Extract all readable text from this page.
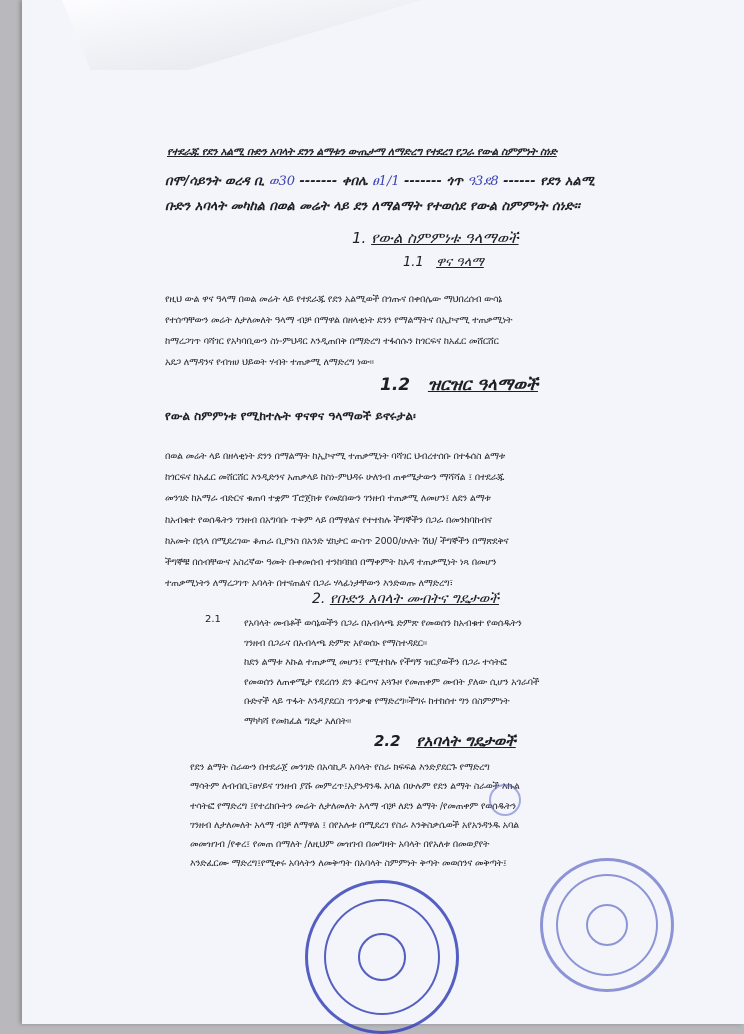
የተደራጁ የደን አልሚ ቡድን አባላት ደንን ልማቱን ውጤታማ ለማድረግ የተደረገ የጋራ የውል ስምምነት ስነድ
በሞ/ሳይንት ወረዳ ቢ ወ30 ------- ቀበሌ ፀ1/1 ------- ጎጥ ዓ3ደ8 ------ የደን አልሚ
ቡድን አባላት መካከል በወል መሬት ላይ ደን ለማልማት የተወሰደ የውል ስምምነት ሰነድ፡፡
1. የውል ስምምነቱ ዓላማወች
1.1 ዋና ዓላማ
የዚህ ውል ዋና ዓላማ በወል መሬት ላይ የተደራጁ የደን አልሚወች በጎጡና በቀበሌው ማህበረሰብ ውሳኔ
የተሰጣቸውን መሬት ለታለመለት ዓላማ ብቻ በማዋል በዘላቂነት ደንን የማልማትና በኢኮኖሚ ተጠቃሚነት
ከማረጋገጥ ባሻገር የአካባቢውን ስነ-ምህዳር እንዲጠበቅ በማድረግ ተፋሰሱን ከጎርፍና ከአፈር መሸርሸር
አደጋ ለማዳንና የብዝሀ ህይወት ሃብት ተጠቃሚ ለማድረግ ነው፡፡
1.2 ዝርዝር ዓላማወች
የውል ስምምነቱ የሚከተሉት ዋናዋና ዓላማወች ይኖሩታል፡
በወል መሬት ላይ በዘላቂነት ደንን በማልማት ከኢኮኖሚ ተጠቃሚነት ባሻገር ህብረተሰቡ በተፋሰስ ልማቱ
ከጎርፍና ከአፈር መሸርሸር እንዲድንና አጠቃላይ ከስነ-ምህዳሩ ሁለንብ ጠቀሜታውን ማሻሻል ፤ በተደራጁ
መንገድ ከአማራ ብድርና ቁጠባ ተቋም ፕሮጀክቱ የመደበውን ገንዘብ ተጠቃሚ ለመሆን፤ ለደን ልማቱ
ከአብቁተ የወሰዱትን ገንዘብ በአግባቡ ጥቅም ላይ በማዋልና የተተከሉ ችግኞችን በጋራ በመንከባከብና
ከአመት በኋላ በሚደረገው ቆጠራ ቢያንስ በአንድ ሄክታር ውስጥ 2000/ሁለት ሽህ/ ችግኞችን በማጽደቅና
ችግኞቹ በሰብቸውና አስረኛው ዓመት ቡቀመሰብ ተንከባክበ በማቀምት ከአዳ ተጠቃሚነት ነጻ በመሆን
ተጠቃሚነትን ለማረጋገጥ አባላት በተናጠልና በጋራ ሃላፊነታቸውን እንድወጡ ለማድረግ፣
2. የቡድን አባላት መብትና ግዴታወች
2.1 የአባላት መብቶች ወሳኔወችን በጋራ በአብላጫ ድምጽ የመወሰን ከአብቁተ የወሰዱትን
ገንዘብ በጋራና በአብላጫ ድምጽ አየወሰኑ የማስተዳደር፡፡
ከደን ልማቱ እኩል ተጠቃሚ መሆን፤ የሚተከሉ የችግኝ ዝርያወችን በጋራ ተሳትፎ
የመወሰን ለጠቀሜታ የደረሰን ደን ቆርጦና አጓጉዞ የመጠቀም መብት ያለው ሲሆን አጎራባች
ቡድኖች ላይ ጥፋት እንዳያደርስ ጥንቃቄ የማድረግ፡፡ችግሩ ከተከሰተ ግን በስምምነት
ማካካሻ የመክፈል ግዴታ አለበት፡፡
2.2 የአባላት ግዴታወች
የደን ልማት ስራውን በተደራጀ መንገድ በአሳኪዶ አባላት የስራ ክፍፍል እንድያደርጉ የማድረግ
ማሳትም ለብብቢ፣ፀሃይና ገንዘብ ያሹ መምረጥ፤አያንዳንዱ አባል በሁሉም የደን ልማት ስራወች እኩል
ተሳትፎ የማድረግ ፤የተረከቡትን መሬት ለታለመለት አላማ ብቻ ለደን ልማት /የመጠቀም የወሰዱትን
ገንዘብ ለታለመለት አላማ ብቻ ለማዋል ፤ በየአሉቱ በሚደረገ የስራ እንቅስቃሴወች አየአንዳንዱ አባል
መመዝገብ /የቀረ፤ የመጠ በማለት /ለዚህም መዝገብ በመግዛት አባላት በየአለቱ በመወያየት
እንድፈርሙ ማድረግ፤የሚቀሩ አባላትን ለመቅጣት በአባላት ስምምነት ቅጣት መወሰንና መቅጣት፤
